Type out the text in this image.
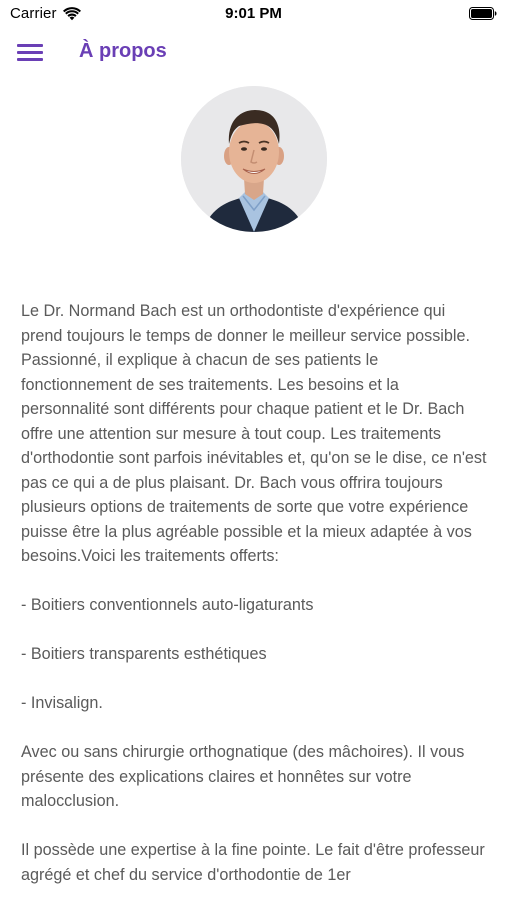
Carrier	9:01 PM
À propos

Le Dr. Normand Bach est un orthodontiste d'expérience qui prend toujours le temps de donner le meilleur service possible. Passionné, il explique à chacun de ses patients le fonctionnement de ses traitements. Les besoins et la personnalité sont différents pour chaque patient et le Dr. Bach offre une attention sur mesure à tout coup. Les traitements d'orthodontie sont parfois inévitables et, qu'on se le dise, ce n'est pas ce qui a de plus plaisant. Dr. Bach vous offrira toujours plusieurs options de traitements de sorte que votre expérience puisse être la plus agréable possible et la mieux adaptée à vos besoins.Voici les traitements offerts:

- Boitiers conventionnels auto-ligaturants

- Boitiers transparents esthétiques

- Invisalign.

Avec ou sans chirurgie orthognatique (des mâchoires). Il vous présente des explications claires et honnêtes sur votre malocclusion.

Il possède une expertise à la fine pointe. Le fait d'être professeur agrégé et chef du service d'orthodontie de 1er
